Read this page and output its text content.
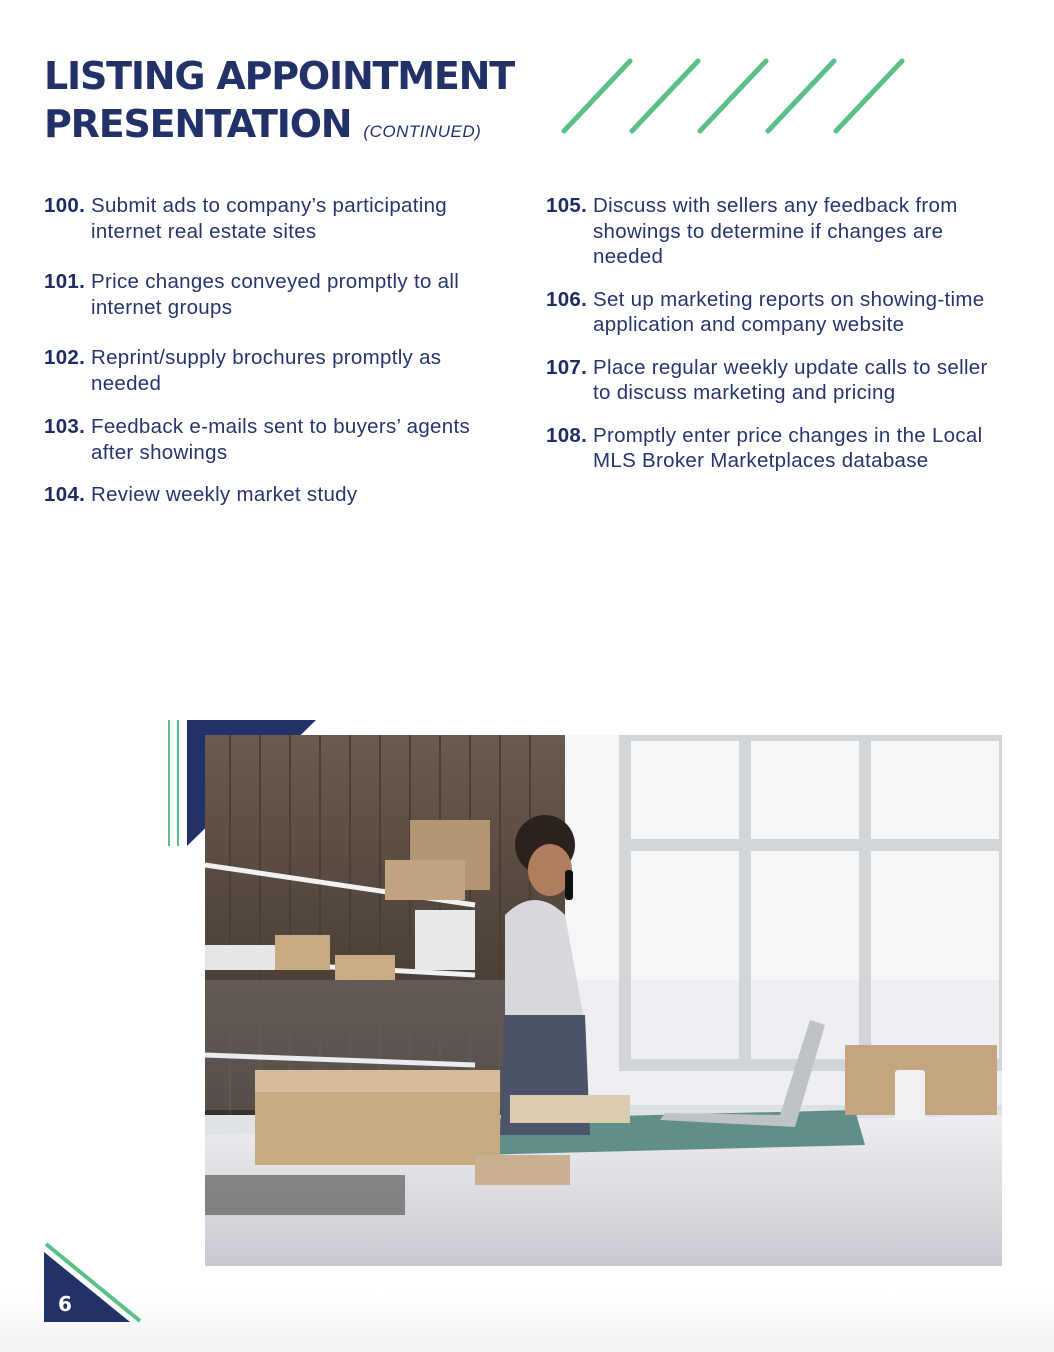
LISTING APPOINTMENT
PRESENTATION (CONTINUED)
100. Submit ads to company’s participating internet real estate sites
101. Price changes conveyed promptly to all internet groups
102. Reprint/supply brochures promptly as needed
103. Feedback e-mails sent to buyers’ agents after showings
104. Review weekly market study
105. Discuss with sellers any feedback from showings to determine if changes are needed
106. Set up marketing reports on showing-time application and company website
107. Place regular weekly update calls to seller to discuss marketing and pricing
108. Promptly enter price changes in the Local MLS Broker Marketplaces database
6
